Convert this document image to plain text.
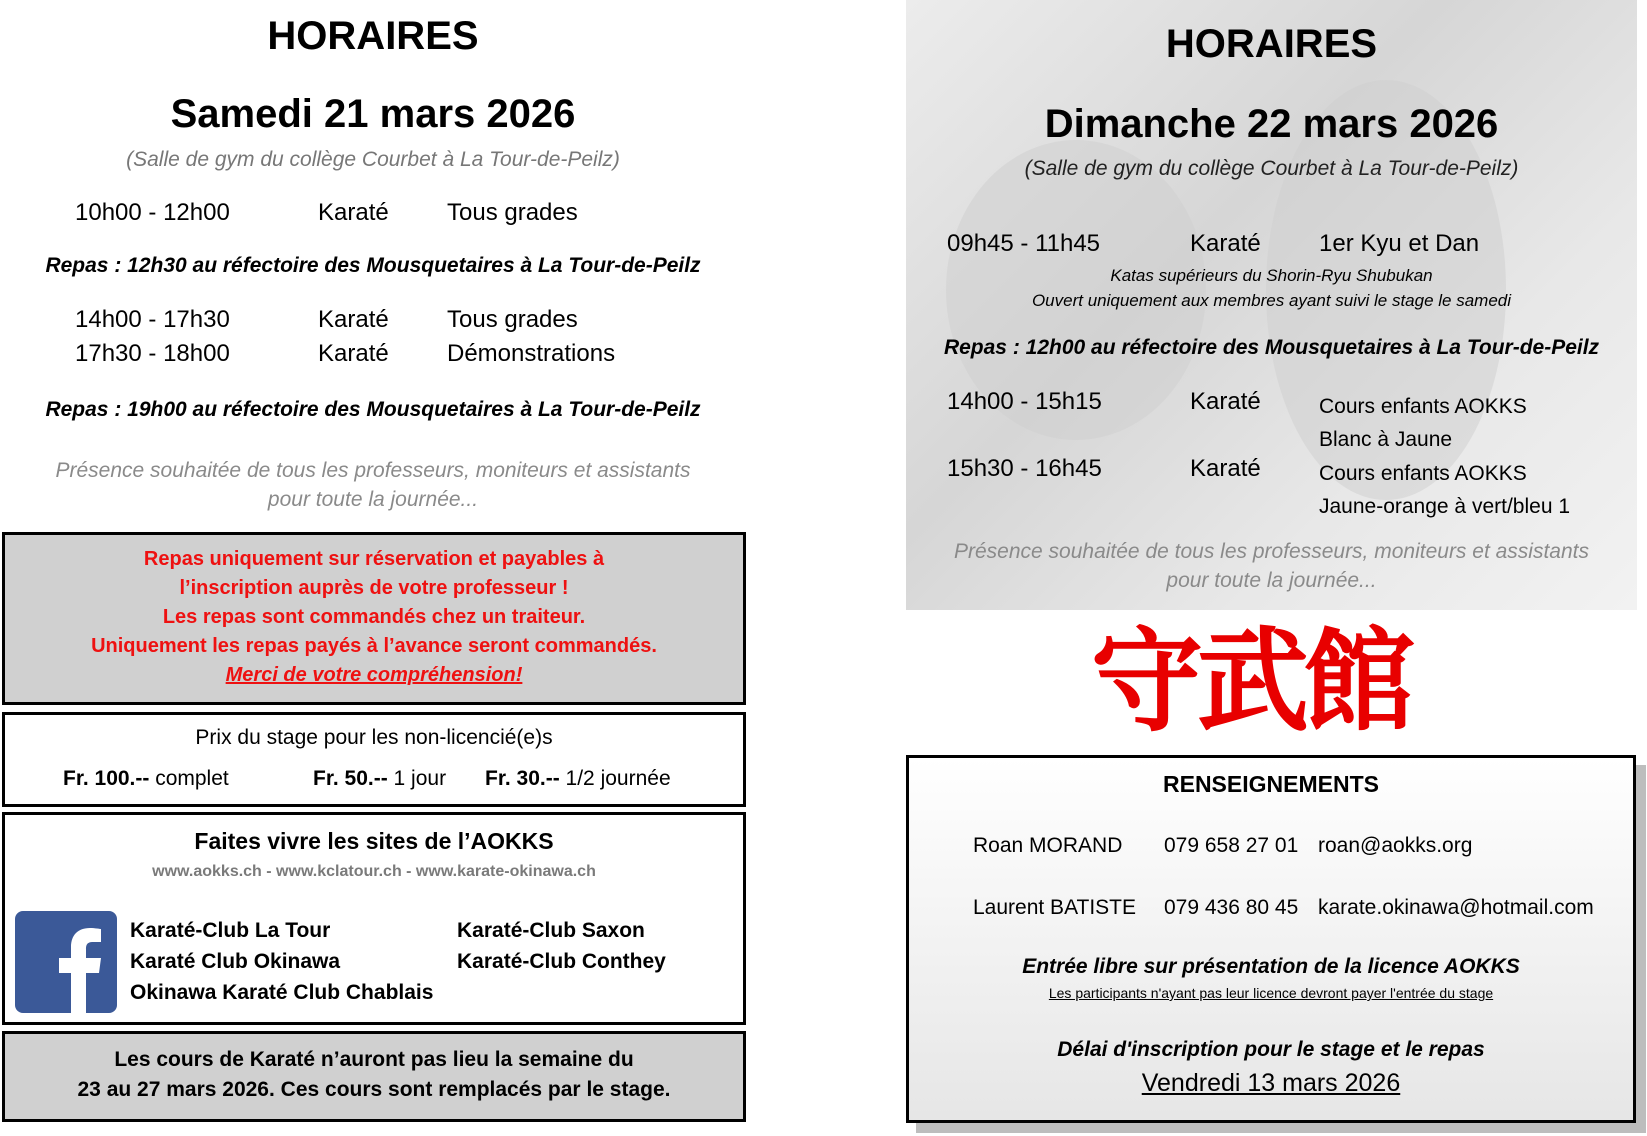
HORAIRES
Samedi 21 mars 2026
(Salle de gym du collège Courbet à La Tour-de-Peilz)
10h00 - 12h00	Karaté Tous grades
Repas : 12h30 au réfectoire des Mousquetaires à La Tour-de-Peilz
14h00 - 17h30	Karaté Tous grades
17h30 - 18h00	Karaté Démonstrations
Repas : 19h00 au réfectoire des Mousquetaires à La Tour-de-Peilz
Présence souhaitée de tous les professeurs, moniteurs et assistants
pour toute la journée...
Repas uniquement sur réservation et payables à
l’inscription auprès de votre professeur !
Les repas sont commandés chez un traiteur.
Uniquement les repas payés à l’avance seront commandés.
Merci de votre compréhension!
Prix du stage pour les non-licencié(e)s
Fr. 100.-- complet	Fr. 50.-- 1 jour Fr. 30.-- 1/2 journée
Faites vivre les sites de l’AOKKS
www.aokks.ch - www.kclatour.ch - www.karate-okinawa.ch
Karaté-Club La Tour
Karaté Club Okinawa
Okinawa Karaté Club Chablais
Karaté-Club Saxon
Karaté-Club Conthey
Les cours de Karaté n’auront pas lieu la semaine du
23 au 27 mars 2026. Ces cours sont remplacés par le stage.
HORAIRES
Dimanche 22 mars 2026
(Salle de gym du collège Courbet à La Tour-de-Peilz)
09h45 - 11h45	Karaté 1er Kyu et Dan
Katas supérieurs du Shorin-Ryu Shubukan
Ouvert uniquement aux membres ayant suivi le stage le samedi
Repas : 12h00 au réfectoire des Mousquetaires à La Tour-de-Peilz
14h00 - 15h15	Karaté	Cours enfants AOKKS
Blanc à Jaune
15h30 - 16h45	Karaté	Cours enfants AOKKS
Jaune-orange à vert/bleu 1
Présence souhaitée de tous les professeurs, moniteurs et assistants
pour toute la journée...
守武館
RENSEIGNEMENTS
Roan MORAND 079 658 27 01 roan@aokks.org
Laurent BATISTE 079 436 80 45 karate.okinawa@hotmail.com
Entrée libre sur présentation de la licence AOKKS
Les participants n'ayant pas leur licence devront payer l'entrée du stage
Délai d'inscription pour le stage et le repas
Vendredi 13 mars 2026
